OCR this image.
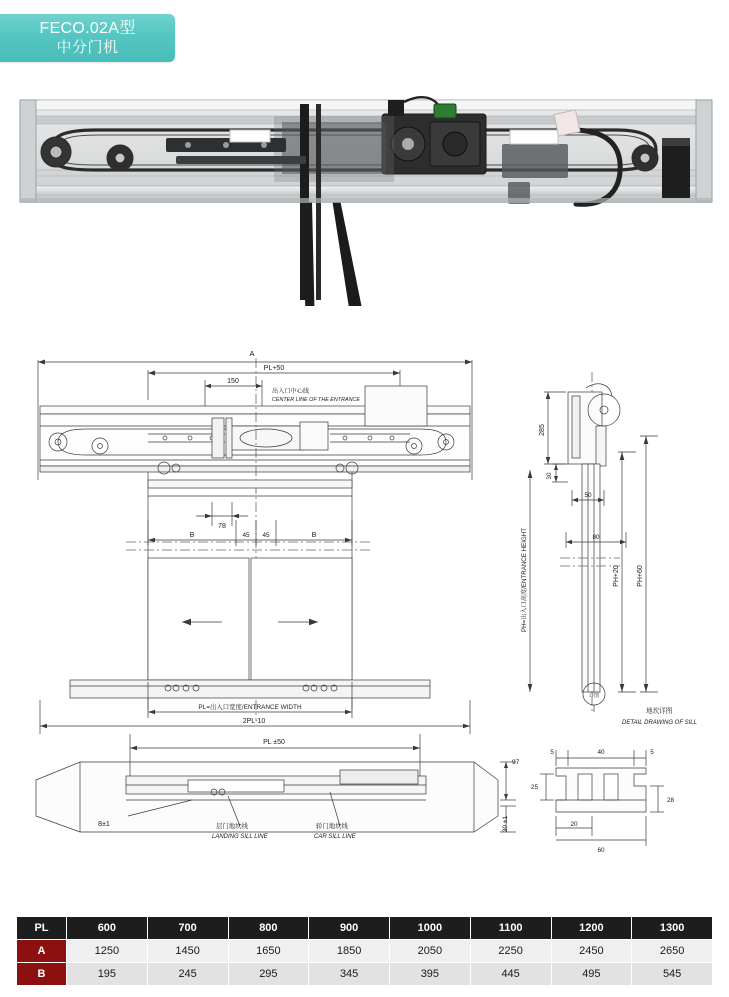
FECO.02A型
中分门机
A
PL+50
150
出入口中心线
CENTER LINE OF THE ENTRANCE
78
45 45
B	B
PL=出入口宽度/ENTRANCE WIDTH
2PL-10
285
30
50
80
PH+20 PH+60
PH=出入口高度/ENTRANCE HEIGHT
详图
地坎详图
DETAIL DRAWING OF SILL
PL ±50
8±1	层门地坎线
LANDING SILL LINE
轿门地坎线
CAR SILL LINE
97
30 ±1
5	40	5
25
28
20
60
PL	600	700	800	900	1000	1100	1200	1300
A	1250	1450	1650	1850	2050	2250	2450	2650
B	195	245	295	345	395	445	495	545
